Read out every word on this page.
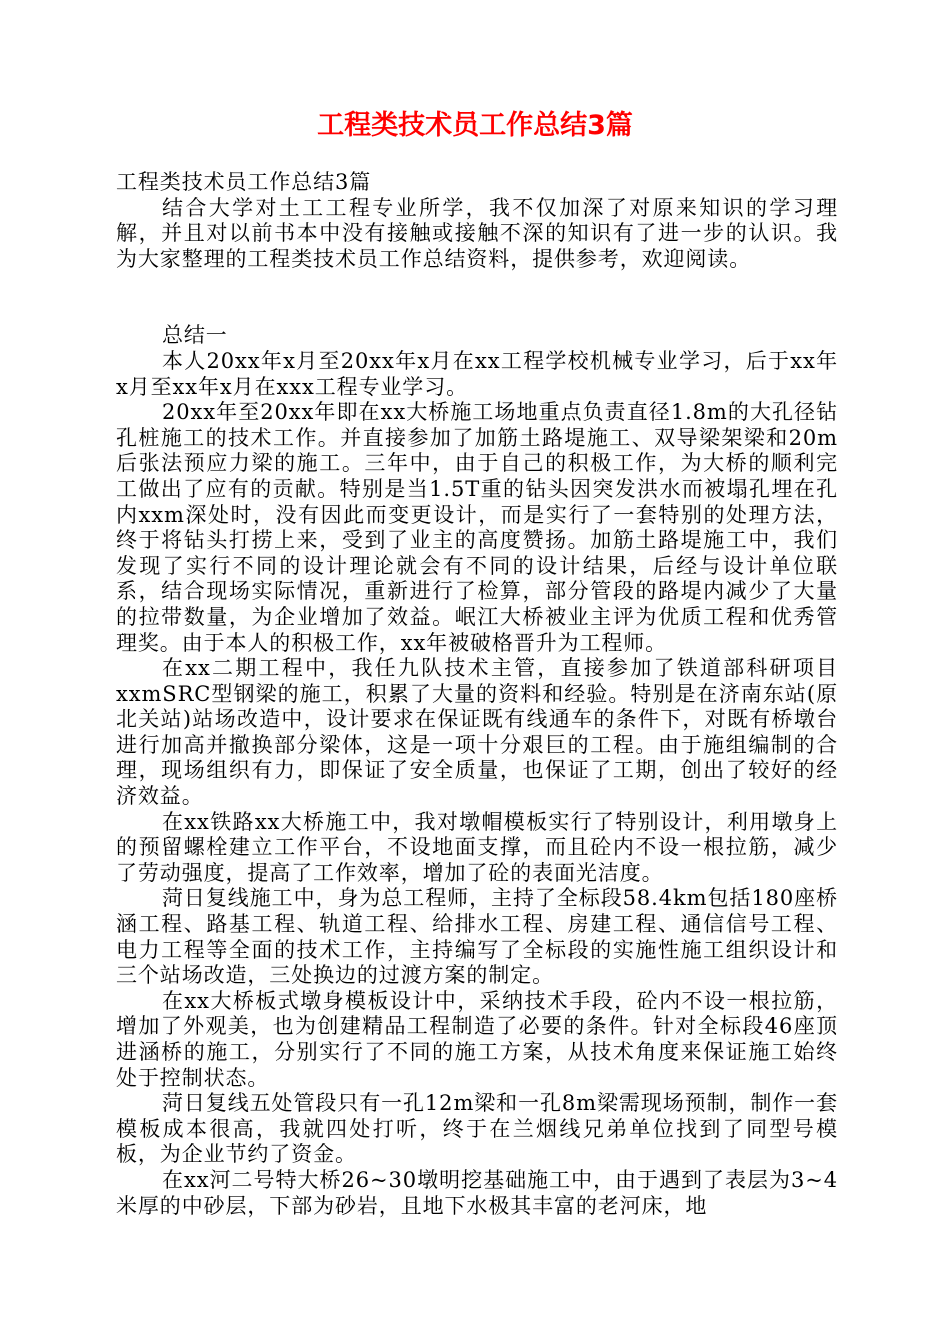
工程类技术员工作总结3篇

工程类技术员工作总结3篇

结合大学对土工工程专业所学，我不仅加深了对原来知识的学习理解，并且对以前书本中没有接触或接触不深的知识有了进一步的认识。我为大家整理的工程类技术员工作总结资料，提供参考，欢迎阅读。

总结一

本人20xx年x月至20xx年x月在xx工程学校机械专业学习，后于xx年x月至xx年x月在xxx工程专业学习。

20xx年至20xx年即在xx大桥施工场地重点负责直径1.8m的大孔径钻孔桩施工的技术工作。并直接参加了加筋土路堤施工、双导梁架梁和20m后张法预应力梁的施工。三年中，由于自己的积极工作，为大桥的顺利完工做出了应有的贡献。特别是当1.5T重的钻头因突发洪水而被塌孔埋在孔内xxm深处时，没有因此而变更设计，而是实行了一套特别的处理方法，终于将钻头打捞上来，受到了业主的高度赞扬。加筋土路堤施工中，我们发现了实行不同的设计理论就会有不同的设计结果，后经与设计单位联系，结合现场实际情况，重新进行了检算，部分管段的路堤内减少了大量的拉带数量，为企业增加了效益。岷江大桥被业主评为优质工程和优秀管理奖。由于本人的积极工作，xx年被破格晋升为工程师。

在xx二期工程中，我任九队技术主管，直接参加了铁道部科研项目xxmSRC型钢梁的施工，积累了大量的资料和经验。特别是在济南东站(原北关站)站场改造中，设计要求在保证既有线通车的条件下，对既有桥墩台进行加高并撤换部分梁体，这是一项十分艰巨的工程。由于施组编制的合理，现场组织有力，即保证了安全质量，也保证了工期，创出了较好的经济效益。

在xx铁路xx大桥施工中，我对墩帽模板实行了特别设计，利用墩身上的预留螺栓建立工作平台，不设地面支撑，而且砼内不设一根拉筋，减少了劳动强度，提高了工作效率，增加了砼的表面光洁度。

菏日复线施工中，身为总工程师，主持了全标段58.4km包括180座桥涵工程、路基工程、轨道工程、给排水工程、房建工程、通信信号工程、电力工程等全面的技术工作，主持编写了全标段的实施性施工组织设计和三个站场改造，三处换边的过渡方案的制定。

在xx大桥板式墩身模板设计中，采纳技术手段，砼内不设一根拉筋，增加了外观美，也为创建精品工程制造了必要的条件。针对全标段46座顶进涵桥的施工，分别实行了不同的施工方案，从技术角度来保证施工始终处于控制状态。

菏日复线五处管段只有一孔12m梁和一孔8m梁需现场预制，制作一套模板成本很高，我就四处打听，终于在兰烟线兄弟单位找到了同型号模板，为企业节约了资金。

在xx河二号特大桥26~30墩明挖基础施工中，由于遇到了表层为3~4米厚的中砂层，下部为砂岩，且地下水极其丰富的老河床，地
